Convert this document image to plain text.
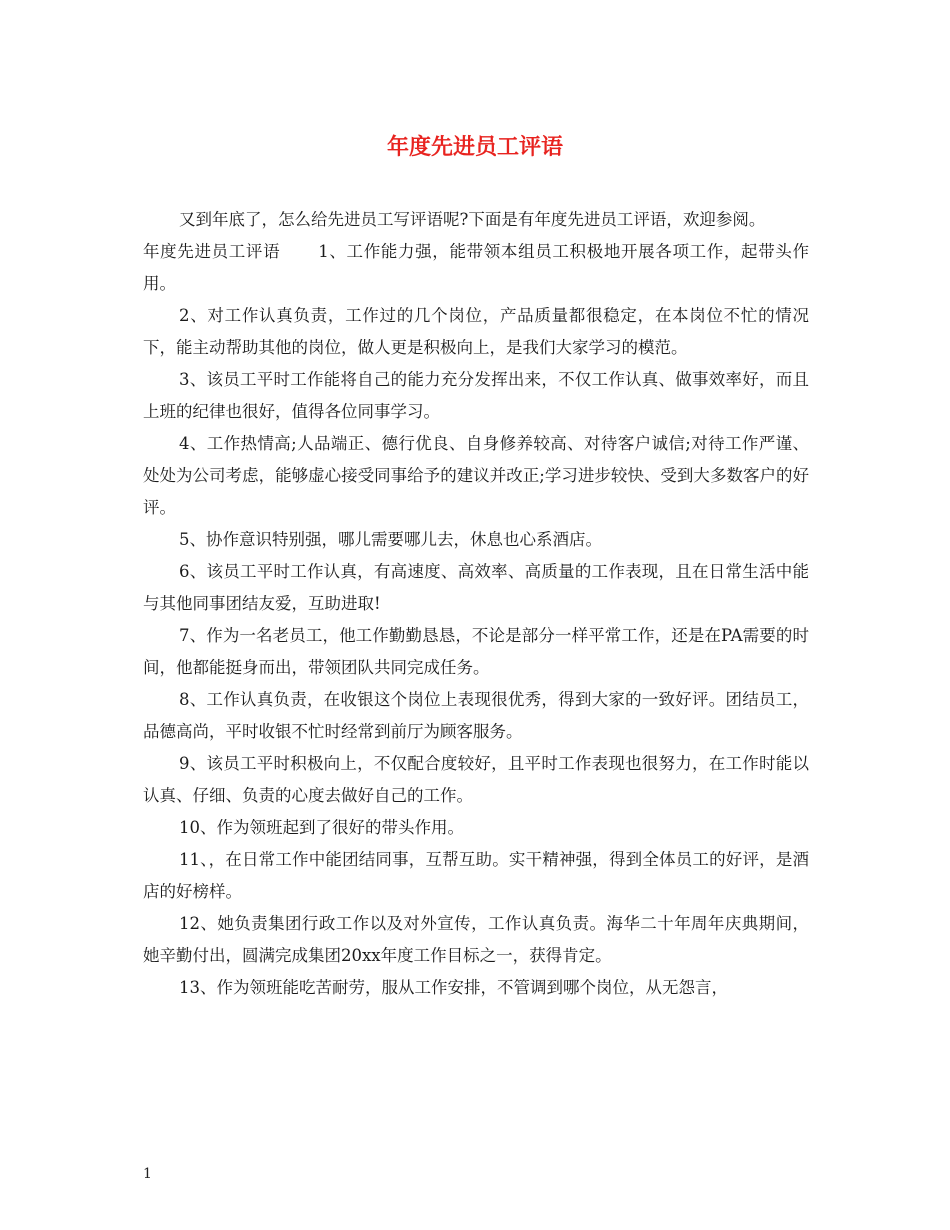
年度先进员工评语

又到年底了，怎么给先进员工写评语呢?下面是有年度先进员工评语，欢迎参阅。

年度先进员工评语 1、工作能力强，能带领本组员工积极地开展各项工作，起带头作用。

2、对工作认真负责，工作过的几个岗位，产品质量都很稳定，在本岗位不忙的情况下，能主动帮助其他的岗位，做人更是积极向上，是我们大家学习的模范。

3、该员工平时工作能将自己的能力充分发挥出来，不仅工作认真、做事效率好，而且上班的纪律也很好，值得各位同事学习。

4、工作热情高;人品端正、德行优良、自身修养较高、对待客户诚信;对待工作严谨、处处为公司考虑，能够虚心接受同事给予的建议并改正;学习进步较快、受到大多数客户的好评。

5、协作意识特别强，哪儿需要哪儿去，休息也心系酒店。

6、该员工平时工作认真，有高速度、高效率、高质量的工作表现，且在日常生活中能与其他同事团结友爱，互助进取!

7、作为一名老员工，他工作勤勤恳恳，不论是部分一样平常工作，还是在PA需要的时间，他都能挺身而出，带领团队共同完成任务。

8、工作认真负责，在收银这个岗位上表现很优秀，得到大家的一致好评。团结员工，品德高尚，平时收银不忙时经常到前厅为顾客服务。

9、该员工平时积极向上，不仅配合度较好，且平时工作表现也很努力，在工作时能以认真、仔细、负责的心度去做好自己的工作。

10、作为领班起到了很好的带头作用。

11、，在日常工作中能团结同事，互帮互助。实干精神强，得到全体员工的好评，是酒店的好榜样。

12、她负责集团行政工作以及对外宣传，工作认真负责。海华二十年周年庆典期间，她辛勤付出，圆满完成集团20xx年度工作目标之一，获得肯定。

13、作为领班能吃苦耐劳，服从工作安排，不管调到哪个岗位，从无怨言，

1
